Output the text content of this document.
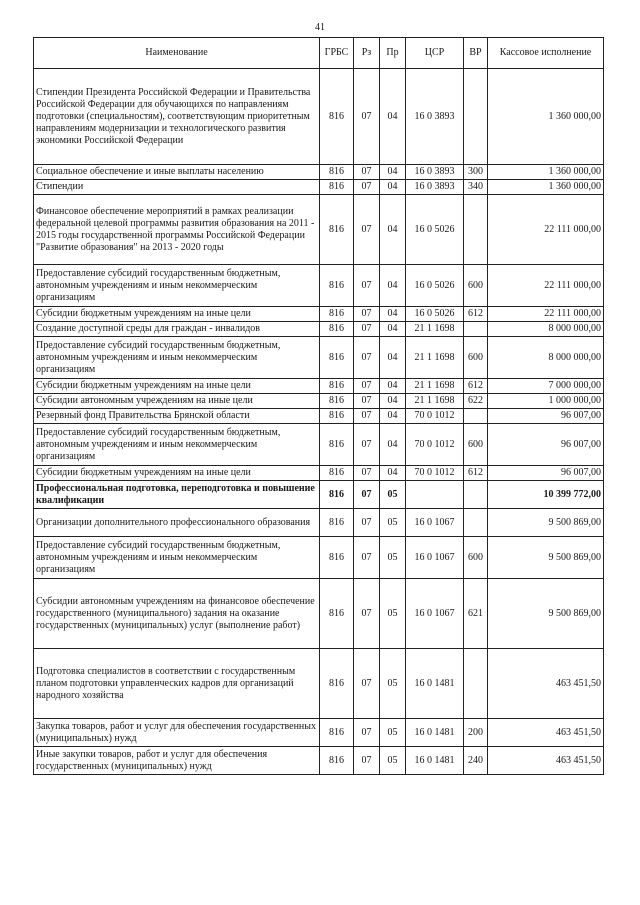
41
Наименование	ГРБС	Рз	Пр	ЦСР	ВР	Кассовое исполнение
Стипендии Президента Российской Федерации и Правительства Российской Федерации для обучающихся по направлениям подготовки (специальностям), соответствующим приоритетным направлениям модернизации и технологического развития экономики Российской Федерации	816	07	04	16 0 3893		1 360 000,00
Социальное обеспечение и иные выплаты населению	816	07	04	16 0 3893	300	1 360 000,00
Стипендии	816	07	04	16 0 3893	340	1 360 000,00
Финансовое обеспечение мероприятий в рамках реализации федеральной целевой программы развития образования на 2011 - 2015 годы государственной программы Российской Федерации "Развитие образования" на 2013 - 2020 годы	816	07	04	16 0 5026		22 111 000,00
Предоставление субсидий государственным бюджетным, автономным учреждениям и иным некоммерческим организациям	816	07	04	16 0 5026	600	22 111 000,00
Субсидии бюджетным учреждениям на иные цели	816	07	04	16 0 5026	612	22 111 000,00
Создание доступной среды для граждан - инвалидов	816	07	04	21 1 1698		8 000 000,00
Предоставление субсидий государственным бюджетным, автономным учреждениям и иным некоммерческим организациям	816	07	04	21 1 1698	600	8 000 000,00
Субсидии бюджетным учреждениям на иные цели	816	07	04	21 1 1698	612	7 000 000,00
Субсидии автономным учреждениям на иные цели	816	07	04	21 1 1698	622	1 000 000,00
Резервный фонд Правительства Брянской области	816	07	04	70 0 1012		96 007,00
Предоставление субсидий государственным бюджетным, автономным учреждениям и иным некоммерческим организациям	816	07	04	70 0 1012	600	96 007,00
Субсидии бюджетным учреждениям на иные цели	816	07	04	70 0 1012	612	96 007,00
Профессиональная подготовка, переподготовка и повышение квалификации	816	07	05			10 399 772,00
Организации дополнительного профессионального образования	816	07	05	16 0 1067		9 500 869,00
Предоставление субсидий государственным бюджетным, автономным учреждениям и иным некоммерческим организациям	816	07	05	16 0 1067	600	9 500 869,00
Субсидии автономным учреждениям на финансовое обеспечение государственного (муниципального) задания на оказание государственных (муниципальных) услуг (выполнение работ)	816	07	05	16 0 1067	621	9 500 869,00
Подготовка специалистов в соответствии с государственным планом подготовки управленческих кадров для организаций народного хозяйства	816	07	05	16 0 1481		463 451,50
Закупка товаров, работ и услуг для обеспечения государственных (муниципальных) нужд	816	07	05	16 0 1481	200	463 451,50
Иные закупки товаров, работ и услуг для обеспечения государственных (муниципальных) нужд	816	07	05	16 0 1481	240	463 451,50
